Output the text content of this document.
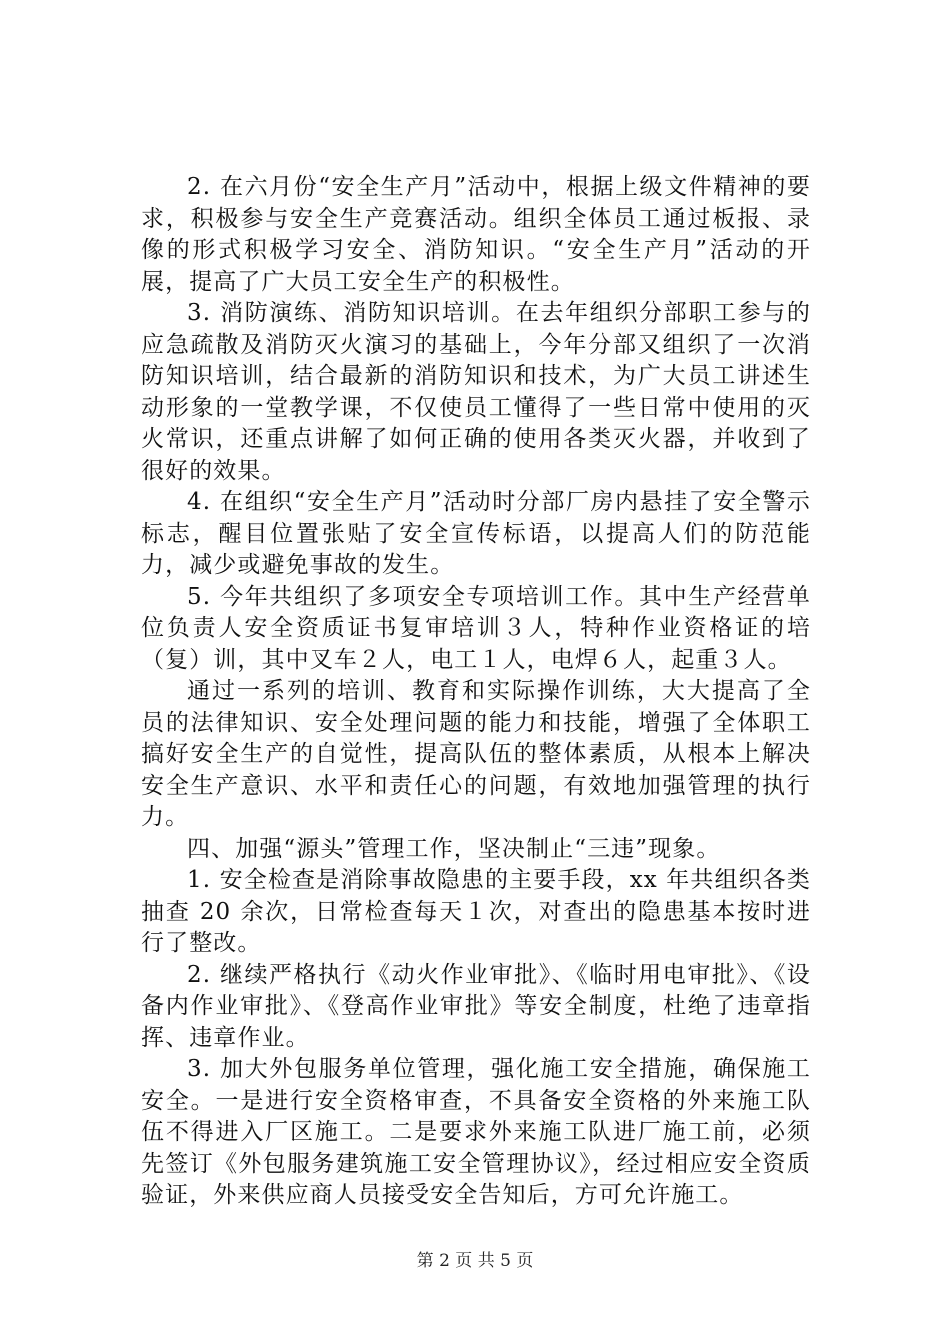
2. 在六月份“安全生产月”活动中，根据上级文件精神的要求，积极参与安全生产竞赛活动。组织全体员工通过板报、录像的形式积极学习安全、消防知识。“安全生产月”活动的开展，提高了广大员工安全生产的积极性。

3. 消防演练、消防知识培训。在去年组织分部职工参与的应急疏散及消防灭火演习的基础上，今年分部又组织了一次消防知识培训，结合最新的消防知识和技术，为广大员工讲述生动形象的一堂教学课，不仅使员工懂得了一些日常中使用的灭火常识，还重点讲解了如何正确的使用各类灭火器，并收到了很好的效果。

4. 在组织“安全生产月”活动时分部厂房内悬挂了安全警示标志，醒目位置张贴了安全宣传标语，以提高人们的防范能力，减少或避免事故的发生。

5. 今年共组织了多项安全专项培训工作。其中生产经营单位负责人安全资质证书复审培训３人，特种作业资格证的培（复）训，其中叉车２人，电工１人，电焊６人，起重３人。

通过一系列的培训、教育和实际操作训练，大大提高了全员的法律知识、安全处理问题的能力和技能，增强了全体职工搞好安全生产的自觉性，提高队伍的整体素质，从根本上解决安全生产意识、水平和责任心的问题，有效地加强管理的执行力。

四、加强“源头”管理工作，坚决制止“三违”现象。

1. 安全检查是消除事故隐患的主要手段，xx 年共组织各类抽查 20 余次，日常检查每天１次，对查出的隐患基本按时进行了整改。

2. 继续严格执行《动火作业审批》、《临时用电审批》、《设备内作业审批》、《登高作业审批》等安全制度，杜绝了违章指挥、违章作业。

3. 加大外包服务单位管理，强化施工安全措施，确保施工安全。一是进行安全资格审查，不具备安全资格的外来施工队伍不得进入厂区施工。二是要求外来施工队进厂施工前，必须先签订《外包服务建筑施工安全管理协议》，经过相应安全资质验证，外来供应商人员接受安全告知后，方可允许施工。

第 2 页 共 5 页
